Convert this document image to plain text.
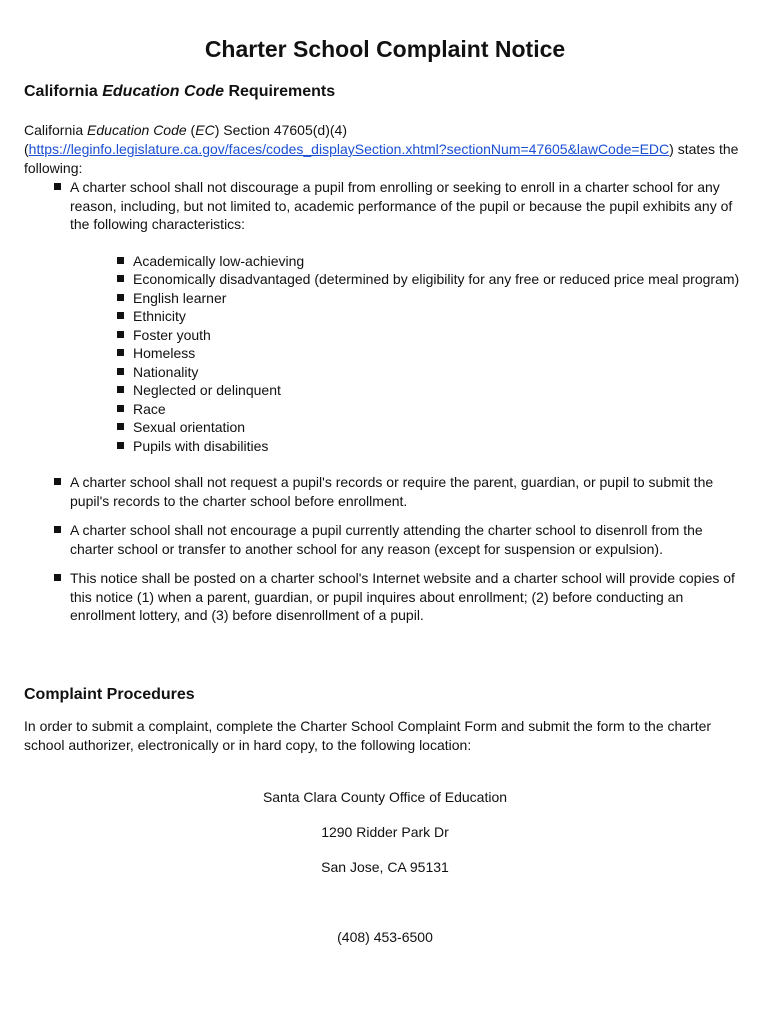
Charter School Complaint Notice
California Education Code Requirements

California Education Code (EC) Section 47605(d)(4) (https://leginfo.legislature.ca.gov/faces/codes_displaySection.xhtml?sectionNum=47605&lawCode=EDC) states the following:

A charter school shall not discourage a pupil from enrolling or seeking to enroll in a charter school for any reason, including, but not limited to, academic performance of the pupil or because the pupil exhibits any of the following characteristics:
Academically low-achieving
Economically disadvantaged (determined by eligibility for any free or reduced price meal program)
English learner
Ethnicity
Foster youth
Homeless
Nationality
Neglected or delinquent
Race
Sexual orientation
Pupils with disabilities
A charter school shall not request a pupil's records or require the parent, guardian, or pupil to submit the pupil's records to the charter school before enrollment.
A charter school shall not encourage a pupil currently attending the charter school to disenroll from the charter school or transfer to another school for any reason (except for suspension or expulsion).
This notice shall be posted on a charter school's Internet website and a charter school will provide copies of this notice (1) when a parent, guardian, or pupil inquires about enrollment; (2) before conducting an enrollment lottery, and (3) before disenrollment of a pupil.
Complaint Procedures

In order to submit a complaint, complete the Charter School Complaint Form and submit the form to the charter school authorizer, electronically or in hard copy, to the following location:

Santa Clara County Office of Education
1290 Ridder Park Dr
San Jose, CA 95131
(408) 453-6500
